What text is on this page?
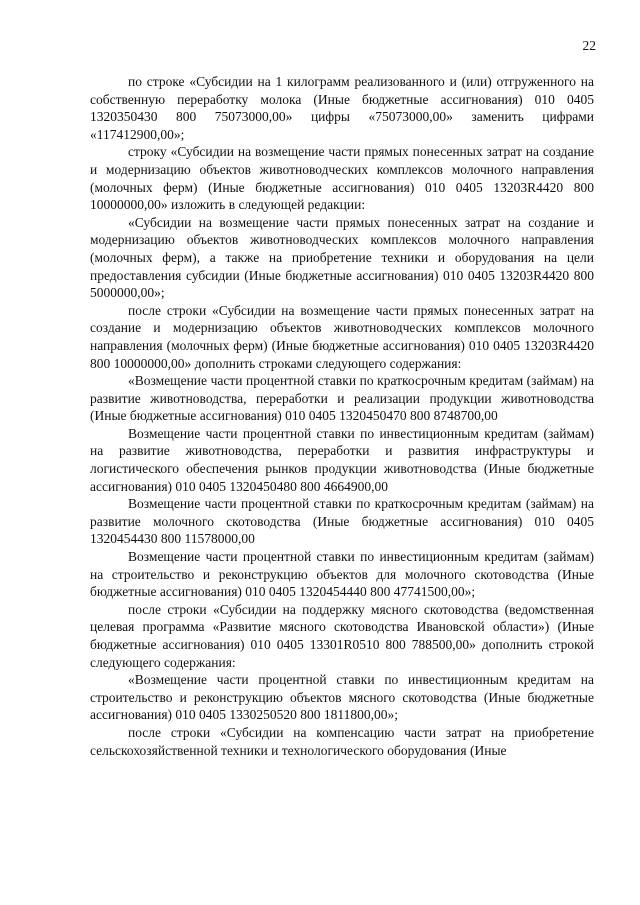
22

по строке «Субсидии на 1 килограмм реализованного и (или) отгруженного на собственную переработку молока (Иные бюджетные ассигнования) 010 0405 1320350430 800 75073000,00» цифры «75073000,00» заменить цифрами «117412900,00»;

строку «Субсидии на возмещение части прямых понесенных затрат на создание и модернизацию объектов животноводческих комплексов молочного направления (молочных ферм) (Иные бюджетные ассигнования) 010 0405 13203R4420 800 10000000,00» изложить в следующей редакции:

«Субсидии на возмещение части прямых понесенных затрат на создание и модернизацию объектов животноводческих комплексов молочного направления (молочных ферм), а также на приобретение техники и оборудования на цели предоставления субсидии (Иные бюджетные ассигнования) 010 0405 13203R4420 800 5000000,00»;

после строки «Субсидии на возмещение части прямых понесенных затрат на создание и модернизацию объектов животноводческих комплексов молочного направления (молочных ферм) (Иные бюджетные ассигнования) 010 0405 13203R4420 800 10000000,00» дополнить строками следующего содержания:

«Возмещение части процентной ставки по краткосрочным кредитам (займам) на развитие животноводства, переработки и реализации продукции животноводства (Иные бюджетные ассигнования) 010 0405 1320450470 800 8748700,00

Возмещение части процентной ставки по инвестиционным кредитам (займам) на развитие животноводства, переработки и развития инфраструктуры и логистического обеспечения рынков продукции животноводства (Иные бюджетные ассигнования) 010 0405 1320450480 800 4664900,00

Возмещение части процентной ставки по краткосрочным кредитам (займам) на развитие молочного скотоводства (Иные бюджетные ассигнования) 010 0405 1320454430 800 11578000,00

Возмещение части процентной ставки по инвестиционным кредитам (займам) на строительство и реконструкцию объектов для молочного скотоводства (Иные бюджетные ассигнования) 010 0405 1320454440 800 47741500,00»;

после строки «Субсидии на поддержку мясного скотоводства (ведомственная целевая программа «Развитие мясного скотоводства Ивановской области») (Иные бюджетные ассигнования) 010 0405 13301R0510 800 788500,00» дополнить строкой следующего содержания:

«Возмещение части процентной ставки по инвестиционным кредитам на строительство и реконструкцию объектов мясного скотоводства (Иные бюджетные ассигнования) 010 0405 1330250520 800 1811800,00»;

после строки «Субсидии на компенсацию части затрат на приобретение сельскохозяйственной техники и технологического оборудования (Иные
